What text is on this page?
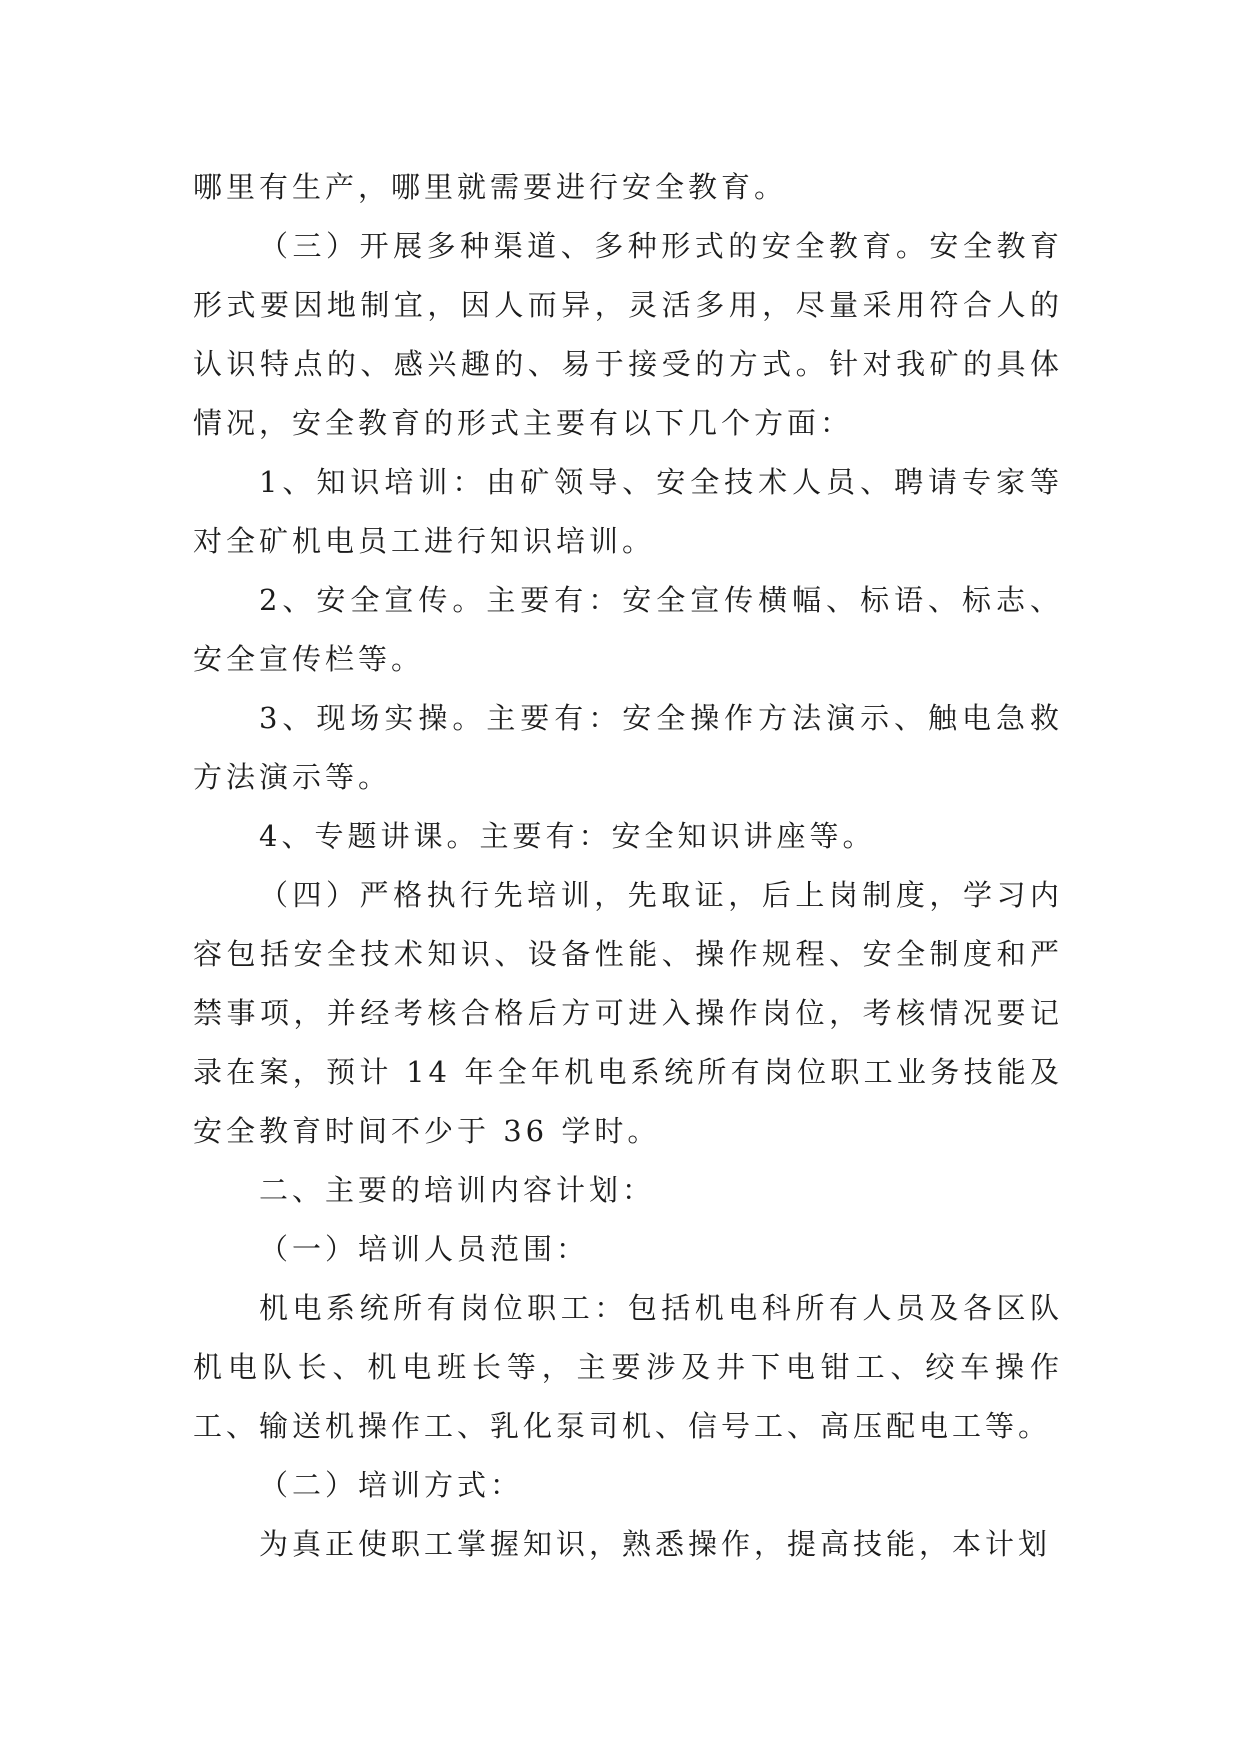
哪里有生产，哪里就需要进行安全教育。

（三）开展多种渠道、多种形式的安全教育。安全教育形式要因地制宜，因人而异，灵活多用，尽量采用符合人的认识特点的、感兴趣的、易于接受的方式。针对我矿的具体情况，安全教育的形式主要有以下几个方面：

1、知识培训：由矿领导、安全技术人员、聘请专家等对全矿机电员工进行知识培训。

2、安全宣传。主要有：安全宣传横幅、标语、标志、安全宣传栏等。

3、现场实操。主要有：安全操作方法演示、触电急救方法演示等。

4、专题讲课。主要有：安全知识讲座等。

（四）严格执行先培训，先取证，后上岗制度，学习内容包括安全技术知识、设备性能、操作规程、安全制度和严禁事项，并经考核合格后方可进入操作岗位，考核情况要记录在案，预计 14 年全年机电系统所有岗位职工业务技能及安全教育时间不少于 36 学时。

二、主要的培训内容计划：

（一）培训人员范围：

机电系统所有岗位职工：包括机电科所有人员及各区队机电队长、机电班长等，主要涉及井下电钳工、绞车操作工、输送机操作工、乳化泵司机、信号工、高压配电工等。

（二）培训方式：

为真正使职工掌握知识，熟悉操作，提高技能，本计划
